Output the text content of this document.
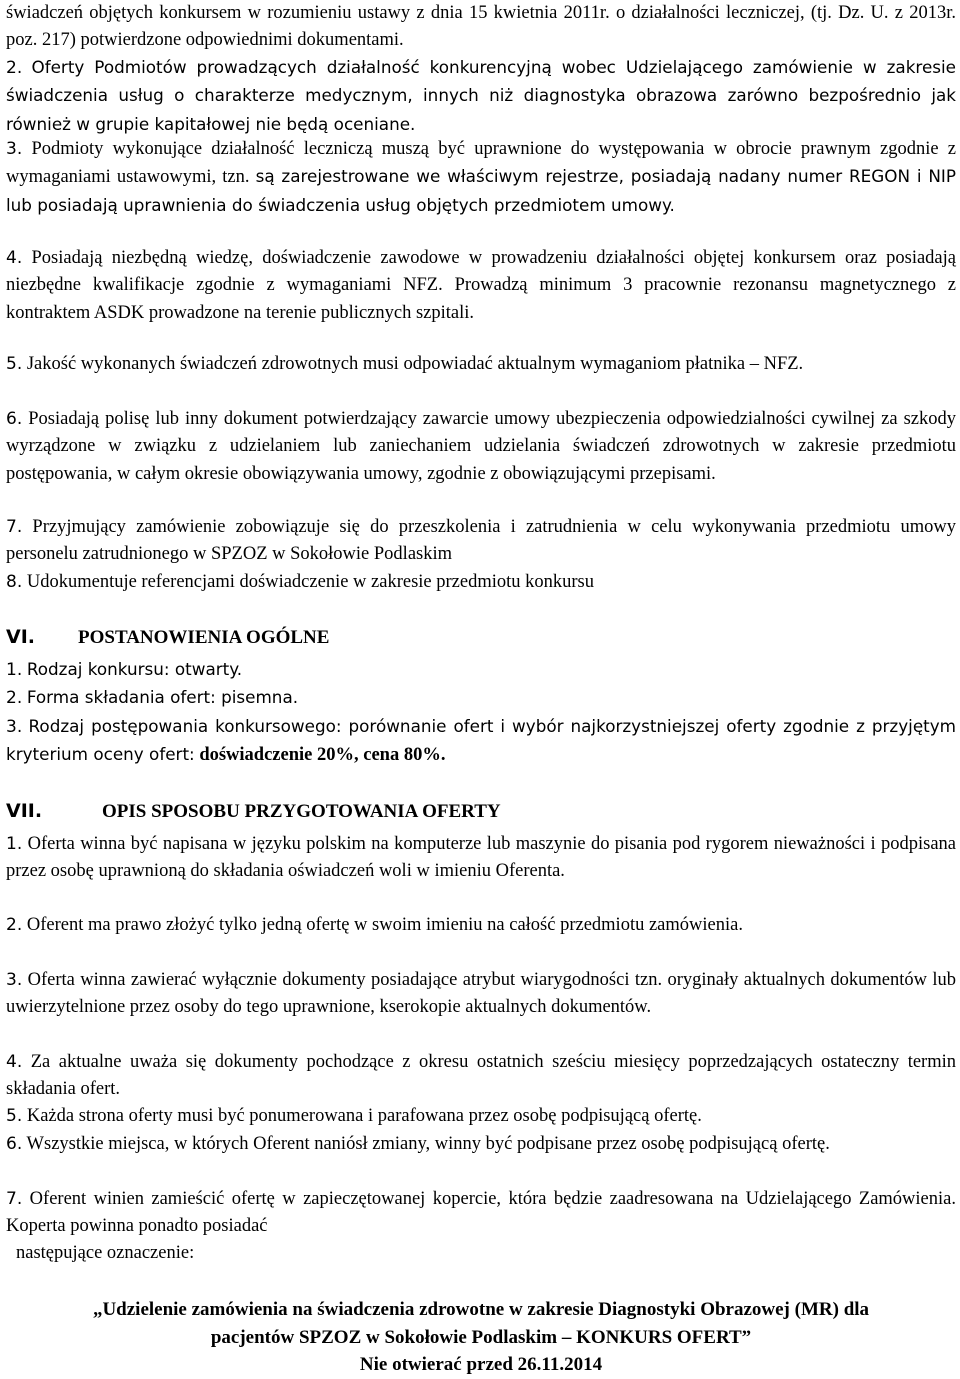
świadczeń objętych konkursem w rozumieniu ustawy z dnia 15 kwietnia 2011r. o działalności leczniczej, (tj. Dz. U. z 2013r. poz. 217) potwierdzone odpowiednimi dokumentami.

2. Oferty Podmiotów prowadzących działalność konkurencyjną wobec Udzielającego zamówienie w zakresie świadczenia usług o charakterze medycznym, innych niż diagnostyka obrazowa zarówno bezpośrednio jak również w grupie kapitałowej nie będą oceniane.

3. Podmioty wykonujące działalność leczniczą muszą być uprawnione do występowania w obrocie prawnym zgodnie z wymaganiami ustawowymi, tzn. są zarejestrowane we właściwym rejestrze, posiadają nadany numer REGON i NIP lub posiadają uprawnienia do świadczenia usług objętych przedmiotem umowy.

4. Posiadają niezbędną wiedzę, doświadczenie zawodowe w prowadzeniu działalności objętej konkursem oraz posiadają niezbędne kwalifikacje zgodnie z wymaganiami NFZ. Prowadzą minimum 3 pracownie rezonansu magnetycznego z kontraktem ASDK prowadzone na terenie publicznych szpitali.

5. Jakość wykonanych świadczeń zdrowotnych musi odpowiadać aktualnym wymaganiom płatnika – NFZ.

6. Posiadają polisę lub inny dokument potwierdzający zawarcie umowy ubezpieczenia odpowiedzialności cywilnej za szkody wyrządzone w związku z udzielaniem lub zaniechaniem udzielania świadczeń zdrowotnych w zakresie przedmiotu postępowania, w całym okresie obowiązywania umowy, zgodnie z obowiązującymi przepisami.

7. Przyjmujący zamówienie zobowiązuje się do przeszkolenia i zatrudnienia w celu wykonywania przedmiotu umowy personelu zatrudnionego w SPZOZ w Sokołowie Podlaskim

8. Udokumentuje referencjami doświadczenie w zakresie przedmiotu konkursu

VI. POSTANOWIENIA OGÓLNE

1. Rodzaj konkursu: otwarty.

2. Forma składania ofert: pisemna.

3. Rodzaj postępowania konkursowego: porównanie ofert i wybór najkorzystniejszej oferty zgodnie z przyjętym kryterium oceny ofert: doświadczenie 20%, cena 80%.

VII.	OPIS SPOSOBU PRZYGOTOWANIA OFERTY

1. Oferta winna być napisana w języku polskim na komputerze lub maszynie do pisania pod rygorem nieważności i podpisana przez osobę uprawnioną do składania oświadczeń woli w imieniu Oferenta.

2. Oferent ma prawo złożyć tylko jedną ofertę w swoim imieniu na całość przedmiotu zamówienia.

3. Oferta winna zawierać wyłącznie dokumenty posiadające atrybut wiarygodności tzn. oryginały aktualnych dokumentów lub uwierzytelnione przez osoby do tego uprawnione, kserokopie aktualnych dokumentów.

4. Za aktualne uważa się dokumenty pochodzące z okresu ostatnich sześciu miesięcy poprzedzających ostateczny termin składania ofert.

5. Każda strona oferty musi być ponumerowana i parafowana przez osobę podpisującą ofertę.

6. Wszystkie miejsca, w których Oferent naniósł zmiany, winny być podpisane przez osobę podpisującą ofertę.

7. Oferent winien zamieścić ofertę w zapieczętowanej kopercie, która będzie zaadresowana na Udzielającego Zamówienia. Koperta powinna ponadto posiadać

następujące oznaczenie:

„Udzielenie zamówienia na świadczenia zdrowotne w zakresie Diagnostyki Obrazowej (MR) dla

pacjentów SPZOZ w Sokołowie Podlaskim – KONKURS OFERT”

Nie otwierać przed 26.11.2014
